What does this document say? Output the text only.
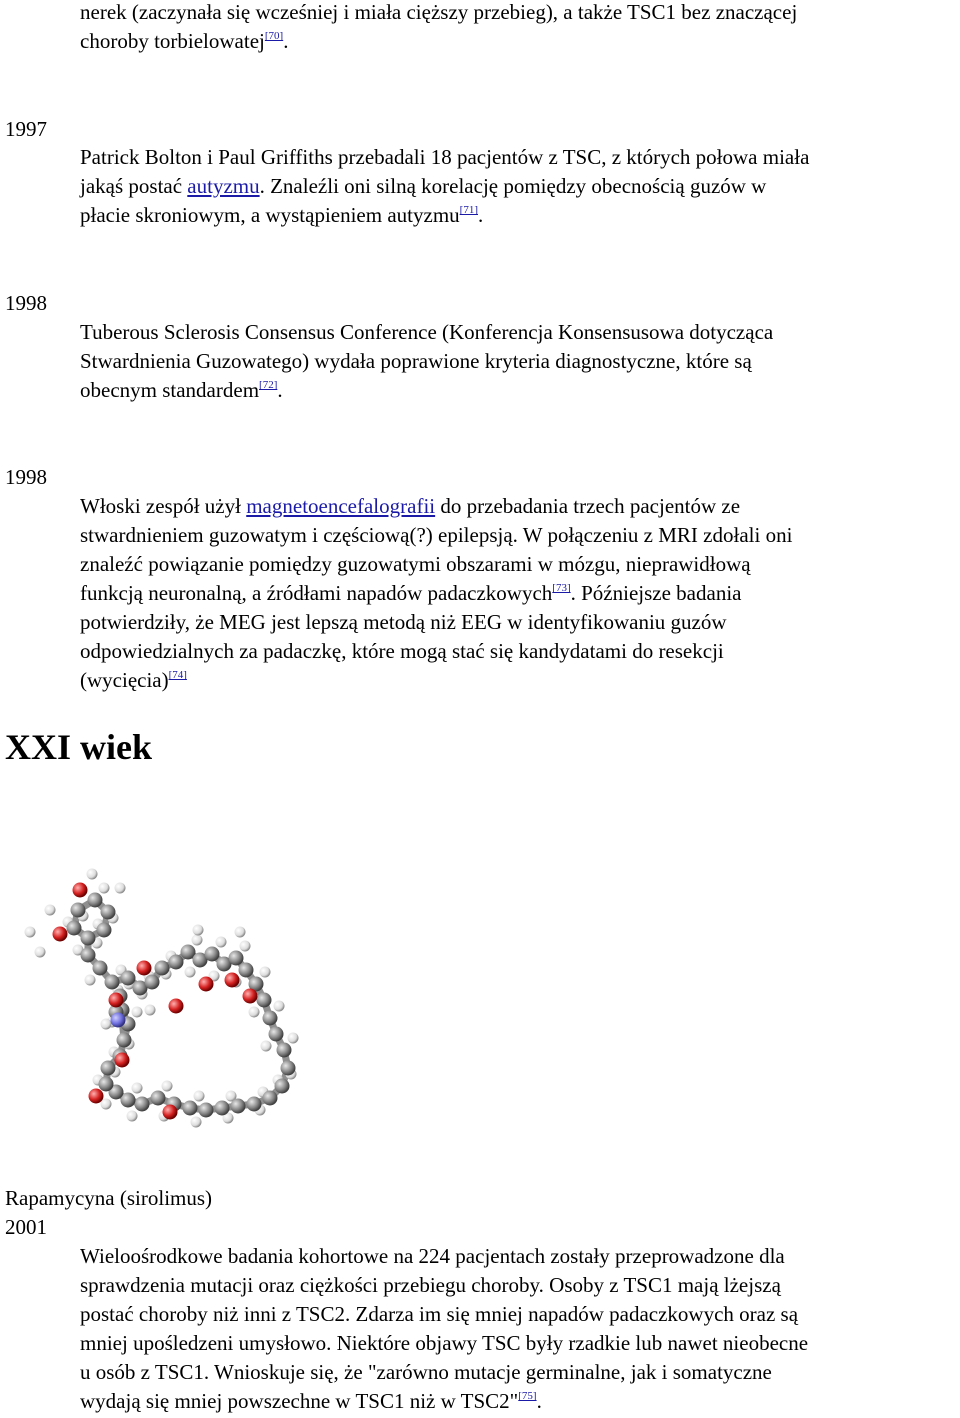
nerek (zaczynała się wcześniej i miała cięższy przebieg), a także TSC1 bez znaczącej
choroby torbielowatej[70].
1997
Patrick Bolton i Paul Griffiths przebadali 18 pacjentów z TSC, z których połowa miała
jakąś postać autyzmu. Znaleźli oni silną korelację pomiędzy obecnością guzów w
płacie skroniowym, a wystąpieniem autyzmu[71].
1998
Tuberous Sclerosis Consensus Conference (Konferencja Konsensusowa dotycząca
Stwardnienia Guzowatego) wydała poprawione kryteria diagnostyczne, które są
obecnym standardem[72].
1998
Włoski zespół użył magnetoencefalografii do przebadania trzech pacjentów ze
stwardnieniem guzowatym i częściową(?) epilepsją. W połączeniu z MRI zdołali oni
znaleźć powiązanie pomiędzy guzowatymi obszarami w mózgu, nieprawidłową
funkcją neuronalną, a źródłami napadów padaczkowych[73]. Późniejsze badania
potwierdziły, że MEG jest lepszą metodą niż EEG w identyfikowaniu guzów
odpowiedzialnych za padaczkę, które mogą stać się kandydatami do resekcji
(wycięcia)[74]
XXI wiek
Rapamycyna (sirolimus)
2001
Wieloośrodkowe badania kohortowe na 224 pacjentach zostały przeprowadzone dla
sprawdzenia mutacji oraz ciężkości przebiegu choroby. Osoby z TSC1 mają lżejszą
postać choroby niż inni z TSC2. Zdarza im się mniej napadów padaczkowych oraz są
mniej upośledzeni umysłowo. Niektóre objawy TSC były rzadkie lub nawet nieobecne
u osób z TSC1. Wnioskuje się, że "zarówno mutacje germinalne, jak i somatyczne
wydają się mniej powszechne w TSC1 niż w TSC2"[75].
